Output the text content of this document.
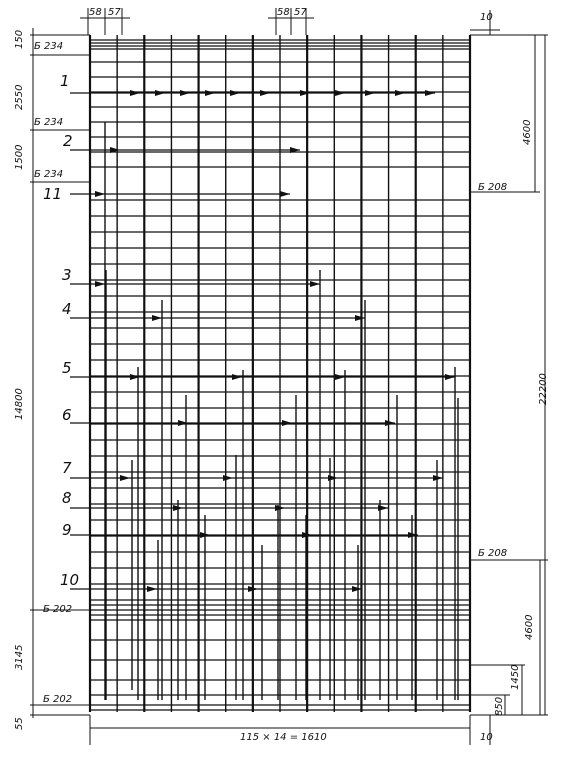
58 57	58 57	10
115 × 14 = 1610	10
150
2550
1500
14800
3145
55
4600
22200
4600
1450
850
Б 234
Б 234
Б 234
Б 208
Б 208
Б 202
Б 202
1
2
11
3
4
5
6
7
8
9
10
